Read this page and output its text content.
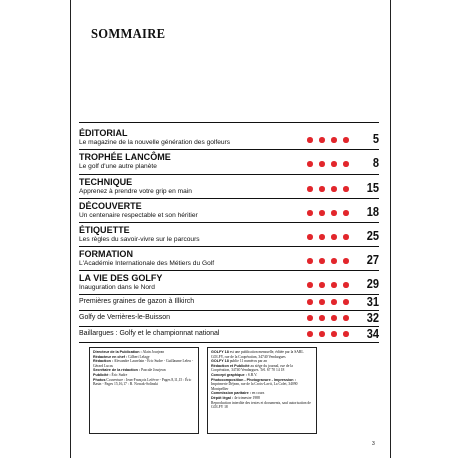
SOMMAIRE
ÉDITORIAL
Le magazine de la nouvelle génération des golfeurs	5
TROPHÉE LANCÔME
Le golf d'une autre planète	8
TECHNIQUE
Apprenez à prendre votre grip en main	15
DÉCOUVERTE
Un centenaire respectable et son héritier	18
ÉTIQUETTE
Les règles du savoir-vivre sur le parcours	25
FORMATION
L'Académie Internationale des Métiers du Golf	27
LA VIE DES GOLFY
Inauguration dans le Nord	29
Premières graines de gazon à Illkirch	31
Golfy de Verrières-le-Buisson	32
Baillargues : Golfy et le championnat national	34
Directeur de la Publication : Alain Jourjean
Rédacteur en chef : Gilbert Lelage
Rédaction : Alexandre Laurelain - Éric Sudre - Guillaume Leleu - Gérard Lucas
Secrétaire de la rédaction : Pascale Jourjean
Publicité : Éric Sudre
Photos Couverture : Jean-François Lefèvre - Pages 8,11,15 : Éric Basin - Pages 15,16,17 : B. Nowak-Solinski
GOLFY 18 est une publication mensuelle, éditée par la SARL GOLFY, rue de la Coopération, 34740 Vendargues
GOLFY 18 publie 11 numéros par an
Rédaction et Publicité au siège du journal, rue de la Coopération, 34740 Vendargues. Tél. 67 70 14 18
Concept graphique : S.B.V.
Photocomposition - Photogravure - Impression : Imprimerie Déjean, rue de la Croix-Lavit, La Colet, 34090 Montpellier
Commission paritaire : en cours
Dépôt légal : 4e trimestre 1988
Reproduction interdite des textes et documents, sauf autorisation de GOLFY 18
3
